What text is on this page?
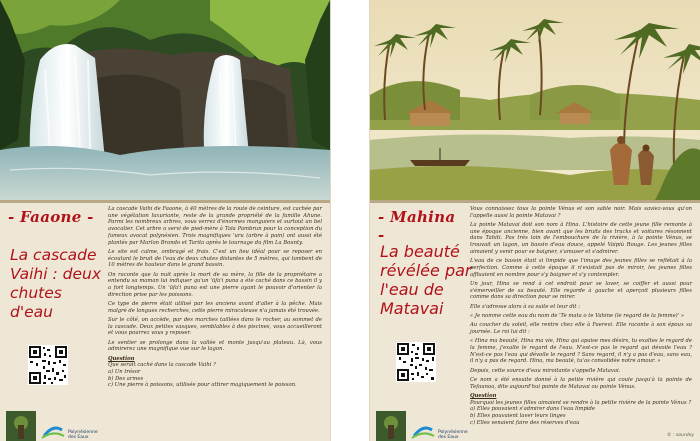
- Faaone -
La cascade Vaihi : deux chutes d'eau

La cascade Vaihi de Faaone, à 40 mètres de la route de ceinture, est cachée par une végétation luxuriante, reste de la grande propriété de la famille Ahune. Parmi les nombreux arbres, vous verrez d'énormes manguiers et surtout un bel avocatier. Cet arbre a servi de pied-mère à Taïa Pambrun pour la conception du fameux avocat polynésien. Trois magnifiques 'uru (arbre à pain) ont aussi été plantés par Marlon Brando et Tarita après le tournage du film La Bounty.

Le site est calme, ombragé et frais. C'est un lieu idéal pour se reposer en écoutant le bruit de l'eau de deux chutes distantes de 5 mètres, qui tombent de 10 mètres de hauteur dans le grand bassin.

On raconte que la nuit après la mort de sa mère, la fille de la propriétaire a entendu sa maman lui indiquer qu'un 'ūfa'i puna a été caché dans ce bassin il y a fort longtemps. Un 'ūfa'i puna est une pierre ayant le pouvoir d'orienter la direction prise par les poissons.

Ce type de pierre était utilisé par les anciens avant d'aller à la pêche. Mais malgré de longues recherches, cette pierre miraculeuse n'a jamais été trouvée.

Sur le côté, on accède, par des marches taillées dans le rocher, au sommet de la cascade. Deux petites vasques, semblables à des piscines, vous accueilleront et vous pourrez vous y reposer.

Le sentier se prolonge dans la vallée et monte jusqu'au plateau. Là, vous admirerez une magnifique vue sur le lagon.

Question
Que serait caché dans la cascade Vaihi ?
a) Un trésor
b) Des armes
c) Une pierre à poissons, utilisée pour attirer magiquement le poisson.
Polynésienne
des Eaux
- Mahina -
La beauté révélée par l'eau de Matavai

Vous connaissez tous la pointe Vénus et son sable noir. Mais saviez-vous qu'on l'appelle aussi la pointe Matavai ?

La pointe Matavai doit son nom à Hina. L'histoire de cette jeune fille remonte à une époque ancienne, bien avant que les bruits des trucks et voitures résonnent dans Tahiti. Pas très loin de l'embouchure de la rivière, à la pointe Vénus, se trouvait un lagon, un bassin d'eau douce, appelé Vaipiù Rouge. Les jeunes filles aimaient y venir pour se baigner, s'amuser et s'admirer.

L'eau de ce bassin était si limpide que l'image des jeunes filles se reflétait à la perfection. Comme à cette époque il n'existait pas de miroir, les jeunes filles affluaient en nombre pour s'y baigner et s'y contempler.

Un jour, Hina se rend à cet endroit pour se laver, se coiffer et aussi pour s'émerveiller de sa beauté. Elle regarde à gauche et aperçoit plusieurs filles comme dans sa direction pour se mirer.

Elle s'adresse alors à sa suite et leur dit :

« Je nomme cette eau du nom de 'Te mata o te Vahine (le regard de la femme)' »

Au coucher du soleil, elle rentre chez elle à Faerevi. Elle raconte à son époux sa journée. Le roi lui dit :

« Hina ma beauté, Hina ma vie, Hina qui apaise mes désirs, tu exaltes le regard de la femme, j'exalte le regard de l'eau. N'est-ce pas le regard qui dévoile l'eau ? N'est-ce pas l'eau qui dévoile le regard ? Sans regard, il n'y a pas d'eau, sans eau, il n'y a pas de regard. Hina, ma beauté, tu'as consolidée notre amour. »

Depuis, cette source d'eau miroitante s'appelle Matavai.

Ce nom a été ensuite donné à la petite rivière qui coule jusqu'à la pointe de Tefaunoa, dite aujourd'hui pointe de Matavai ou pointe Vénus.

Question
Pourquoi les jeunes filles aimaient se rendre à la petite rivière de la pointe Vénus ?
a) Elles pouvaient s'admirer dans l'eau limpide
b) Elles pouvaient laver leurs linges
c) Elles venaient faire des réserves d'eau
Polynésienne
des Eaux	© : sourdoy
